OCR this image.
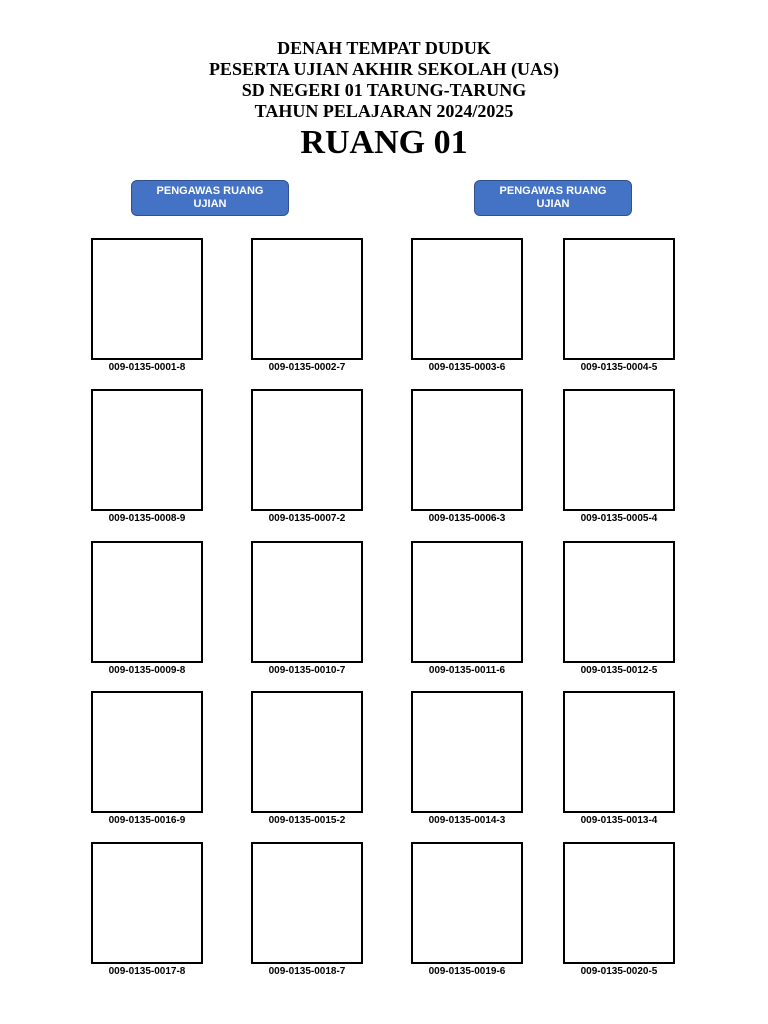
DENAH TEMPAT DUDUK
PESERTA UJIAN AKHIR SEKOLAH (UAS)
SD NEGERI 01 TARUNG-TARUNG
TAHUN PELAJARAN 2024/2025
RUANG 01
PENGAWAS RUANG UJIAN
PENGAWAS RUANG UJIAN
009-0135-0001-8	009-0135-0002-7	009-0135-0003-6	009-0135-0004-5
009-0135-0008-9	009-0135-0007-2	009-0135-0006-3	009-0135-0005-4
009-0135-0009-8	009-0135-0010-7	009-0135-0011-6	009-0135-0012-5
009-0135-0016-9	009-0135-0015-2	009-0135-0014-3	009-0135-0013-4
009-0135-0017-8	009-0135-0018-7	009-0135-0019-6	009-0135-0020-5
